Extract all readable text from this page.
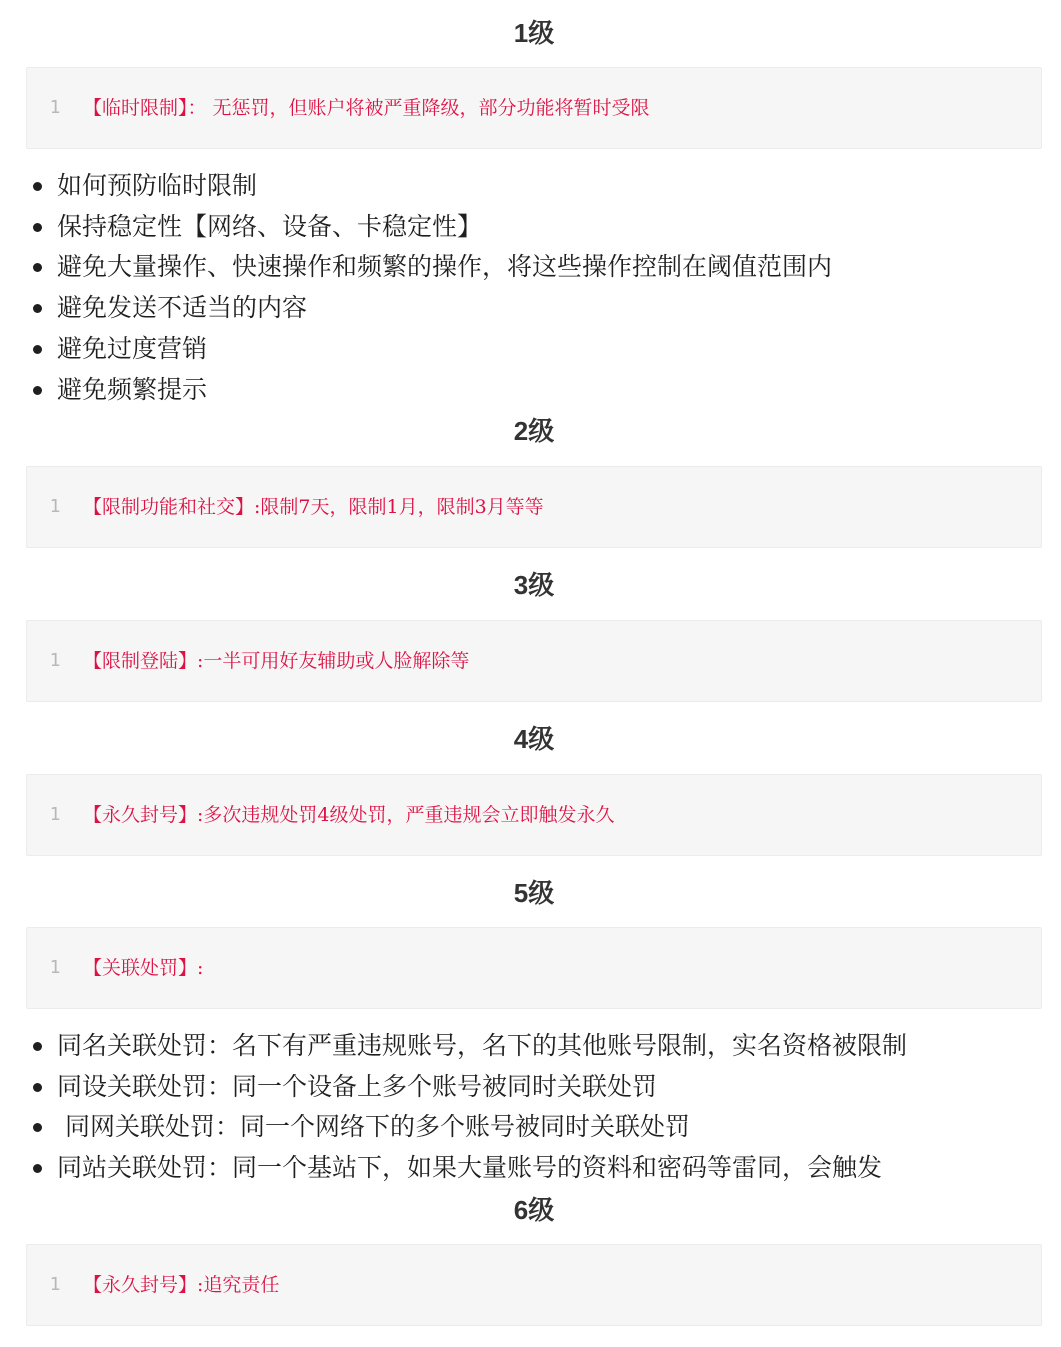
1级
1 【临时限制】： 无惩罚，但账户将被严重降级，部分功能将暂时受限
如何预防临时限制
保持稳定性【网络、设备、卡稳定性】
避免大量操作、快速操作和频繁的操作，将这些操作控制在阈值范围内
避免发送不适当的内容
避免过度营销
避免频繁提示
2级
1 【限制功能和社交】:限制7天，限制1月，限制3月等等
3级
1 【限制登陆】:一半可用好友辅助或人脸解除等
4级
1 【永久封号】:多次违规处罚4级处罚，严重违规会立即触发永久
5级
1 【关联处罚】:
同名关联处罚：名下有严重违规账号，名下的其他账号限制，实名资格被限制
同设关联处罚：同一个设备上多个账号被同时关联处罚
同网关联处罚：同一个网络下的多个账号被同时关联处罚
同站关联处罚：同一个基站下，如果大量账号的资料和密码等雷同，会触发
6级
1 【永久封号】:追究责任
